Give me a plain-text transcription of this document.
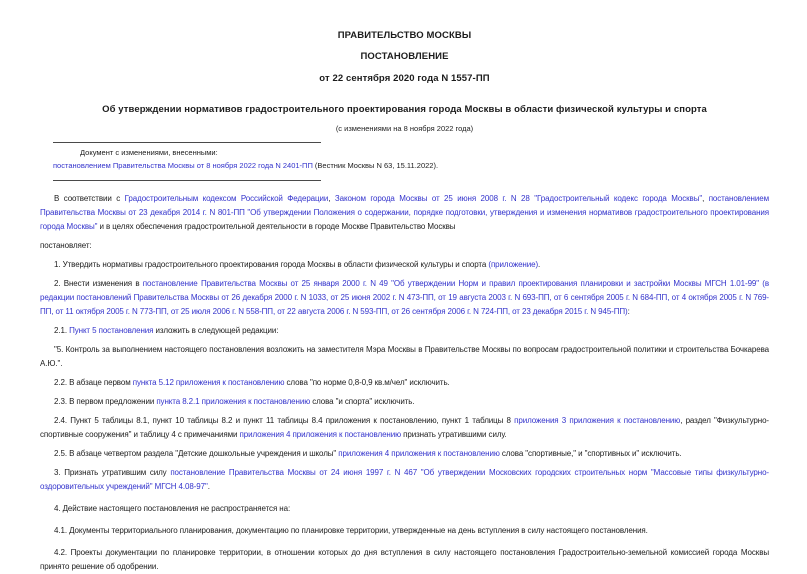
ПРАВИТЕЛЬСТВО МОСКВЫ
ПОСТАНОВЛЕНИЕ
от 22 сентября 2020 года N 1557-ПП
Об утверждении нормативов градостроительного проектирования города Москвы в области физической культуры и спорта
(с изменениями на 8 ноября 2022 года)
Документ с изменениями, внесенными:
постановлением Правительства Москвы от 8 ноября 2022 года N 2401-ПП (Вестник Москвы N 63, 15.11.2022).

В соответствии с Градостроительным кодексом Российской Федерации, Законом города Москвы от 25 июня 2008 г. N 28 "Градостроительный кодекс города Москвы", постановлением Правительства Москвы от 23 декабря 2014 г. N 801-ПП "Об утверждении Положения о содержании, порядке подготовки, утверждения и изменения нормативов градостроительного проектирования города Москвы" и в целях обеспечения градостроительной деятельности в городе Москве Правительство Москвы

постановляет:

1. Утвердить нормативы градостроительного проектирования города Москвы в области физической культуры и спорта (приложение).

2. Внести изменения в постановление Правительства Москвы от 25 января 2000 г. N 49 "Об утверждении Норм и правил проектирования планировки и застройки Москвы МГСН 1.01-99" (в редакции постановлений Правительства Москвы от 26 декабря 2000 г. N 1033, от 25 июня 2002 г. N 473-ПП, от 19 августа 2003 г. N 693-ПП, от 6 сентября 2005 г. N 684-ПП, от 4 октября 2005 г. N 769-ПП, от 11 октября 2005 г. N 773-ПП, от 25 июля 2006 г. N 558-ПП, от 22 августа 2006 г. N 593-ПП, от 26 сентября 2006 г. N 724-ПП, от 23 декабря 2015 г. N 945-ПП):

2.1. Пункт 5 постановления изложить в следующей редакции:

"5. Контроль за выполнением настоящего постановления возложить на заместителя Мэра Москвы в Правительстве Москвы по вопросам градостроительной политики и строительства Бочкарева А.Ю.".

2.2. В абзаце первом пункта 5.12 приложения к постановлению слова "по норме 0,8-0,9 кв.м/чел" исключить.

2.3. В первом предложении пункта 8.2.1 приложения к постановлению слова "и спорта" исключить.

2.4. Пункт 5 таблицы 8.1, пункт 10 таблицы 8.2 и пункт 11 таблицы 8.4 приложения к постановлению, пункт 1 таблицы 8 приложения 3 приложения к постановлению, раздел "Физкультурно-спортивные сооружения" и таблицу 4 с примечаниями приложения 4 приложения к постановлению признать утратившими силу.

2.5. В абзаце четвертом раздела "Детские дошкольные учреждения и школы" приложения 4 приложения к постановлению слова "спортивные," и "спортивных и" исключить.

3. Признать утратившим силу постановление Правительства Москвы от 24 июня 1997 г. N 467 "Об утверждении Московских городских строительных норм "Массовые типы физкультурно-оздоровительных учреждений" МГСН 4.08-97".

4. Действие настоящего постановления не распространяется на:

4.1. Документы территориального планирования, документацию по планировке территории, утвержденные на день вступления в силу настоящего постановления.

4.2. Проекты документации по планировке территории, в отношении которых до дня вступления в силу настоящего постановления Градостроительно-земельной комиссией города Москвы принято решение об одобрении.
